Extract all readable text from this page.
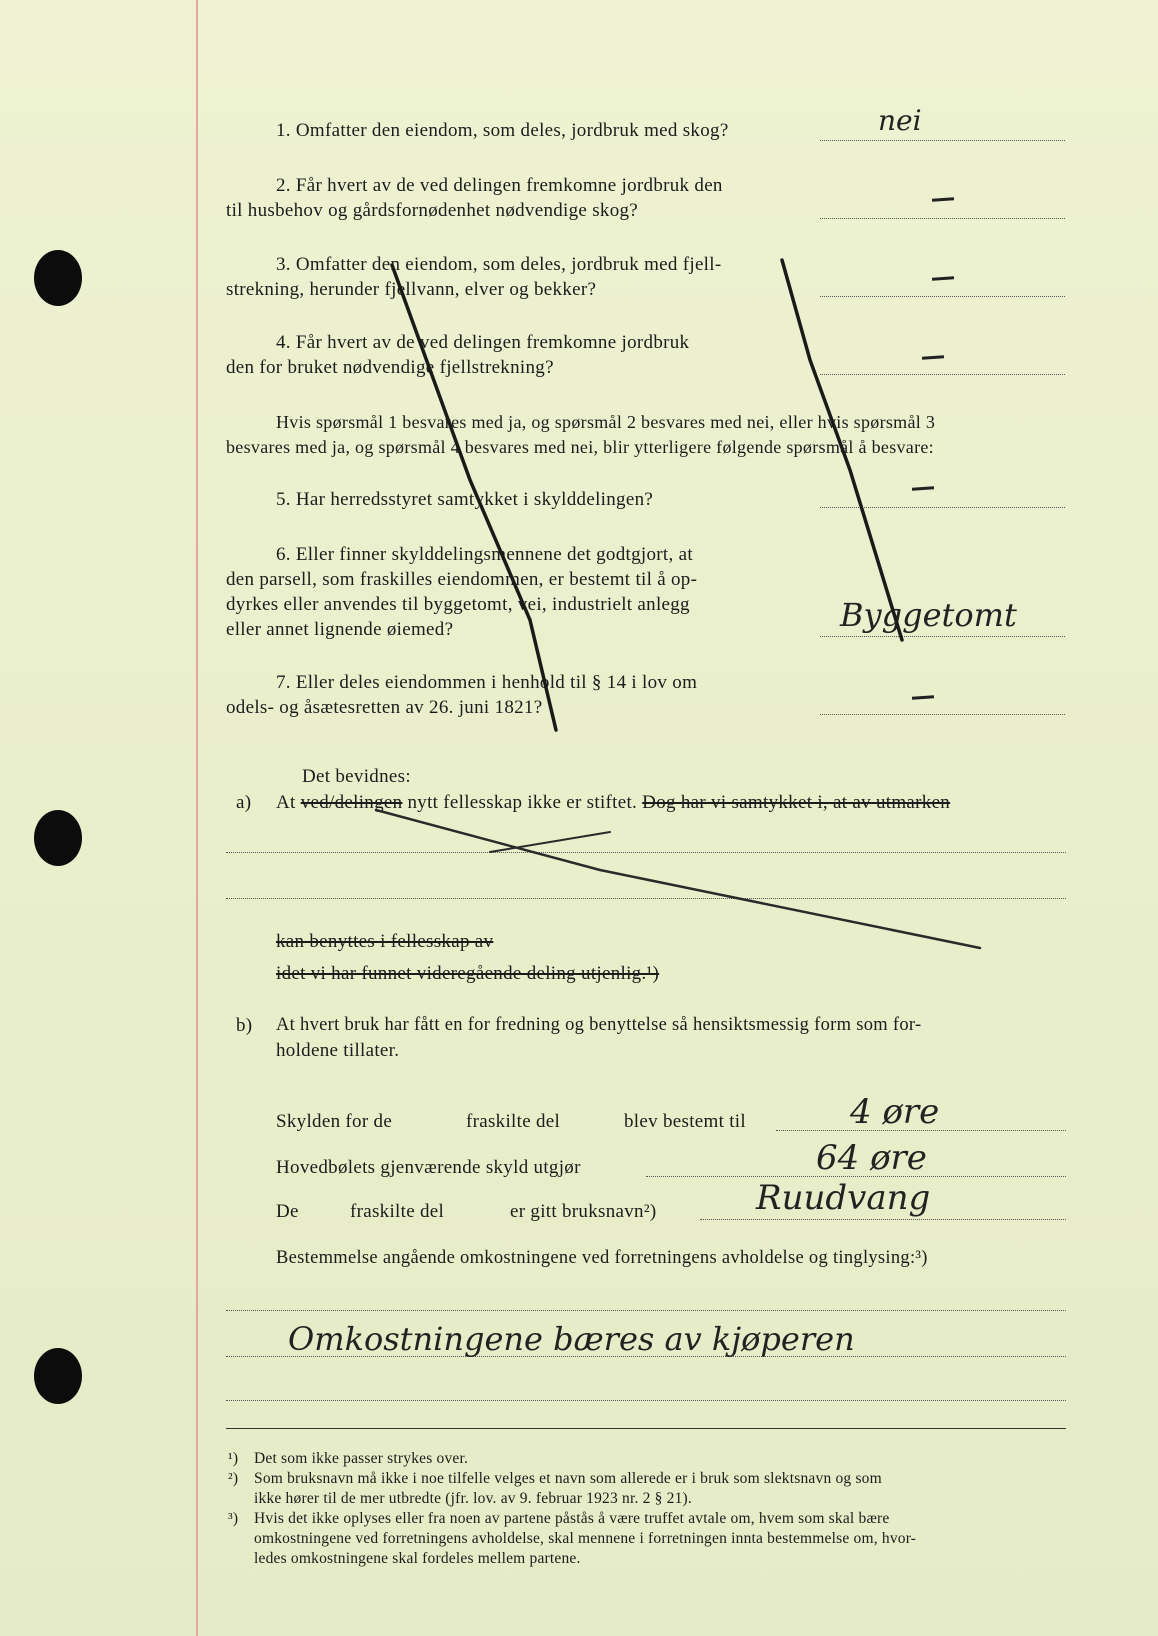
1. Omfatter den eiendom, som deles, jordbruk med skog?	nei
2. Får hvert av de ved delingen fremkomne jordbruk den
til husbehov og gårdsfornødenhet nødvendige skog?
3. Omfatter den eiendom, som deles, jordbruk med fjell-
strekning, herunder fjellvann, elver og bekker?
4. Får hvert av de ved delingen fremkomne jordbruk
den for bruket nødvendige fjellstrekning?
Hvis spørsmål 1 besvares med ja, og spørsmål 2 besvares med nei, eller hvis spørsmål 3
besvares med ja, og spørsmål 4 besvares med nei, blir ytterligere følgende spørsmål å besvare:
5. Har herredsstyret samtykket i skylddelingen?
6. Eller finner skylddelingsmennene det godtgjort, at
den parsell, som fraskilles eiendommen, er bestemt til å op-
dyrkes eller anvendes til byggetomt, vei, industrielt anlegg
eller annet lignende øiemed?	Byggetomt
7. Eller deles eiendommen i henhold til § 14 i lov om
odels- og åsætesretten av 26. juni 1821?
Det bevidnes:
a) At ved/delingen nytt fellesskap ikke er stiftet. Dog har vi samtykket i, at av utmarken
kan benyttes i fellesskap av
idet vi har funnet videregående deling utjenlig.¹)
b) At hvert bruk har fått en for fredning og benyttelse så hensiktsmessig form som for-
holdene tillater.
Skylden for de	fraskilte del	blev bestemt til	4 øre
Hovedbølets gjenværende skyld utgjør	64 øre
De	fraskilte del	er gitt bruksnavn²)	Ruudvang
Bestemmelse angående omkostningene ved forretningens avholdelse og tinglysing:³)
Omkostningene bæres av kjøperen
¹) Det som ikke passer strykes over.
²) Som bruksnavn må ikke i noe tilfelle velges et navn som allerede er i bruk som slektsnavn og som
ikke hører til de mer utbredte (jfr. lov. av 9. februar 1923 nr. 2 § 21).
³) Hvis det ikke oplyses eller fra noen av partene påstås å være truffet avtale om, hvem som skal bære
omkostningene ved forretningens avholdelse, skal mennene i forretningen innta bestemmelse om, hvor-
ledes omkostningene skal fordeles mellem partene.
